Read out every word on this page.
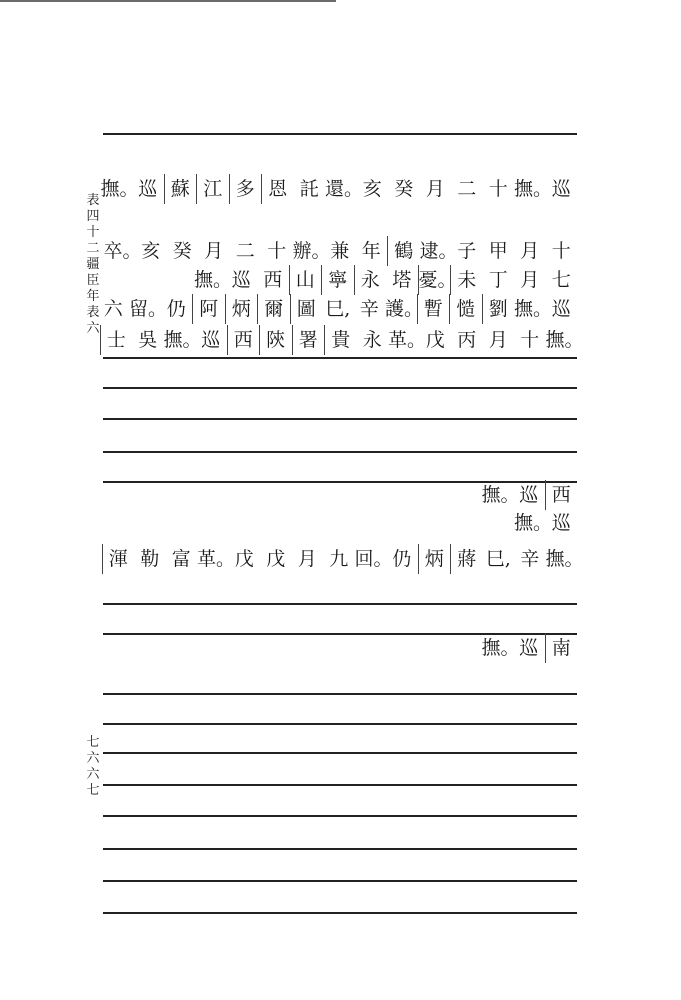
表
四
十
二
疆
臣
年
表
六
七
六
六
七
巡
撫。
十
二
月
癸
亥
還。
託
恩
多
江
蘇
巡
撫。
十
月
甲
子
逮。
鶴
年
兼
辦。
十
二
月
癸
亥
卒。
七
月
丁
未
憂。
塔
永
寧
山
西
巡
撫。
巡
撫。
劉
慥
暫
護。
辛
巳,
圖
爾
炳
阿
仍
留。
六
撫。
十
月
丙
戊
革。
永
貴
署
陝
西
巡
撫。
吳
士
西
巡
撫。
巡
撫。
撫。
辛
巳,
蔣
炳
仍
回。
九
月
戊
戊
革。
富
勒
渾
南
巡
撫。
